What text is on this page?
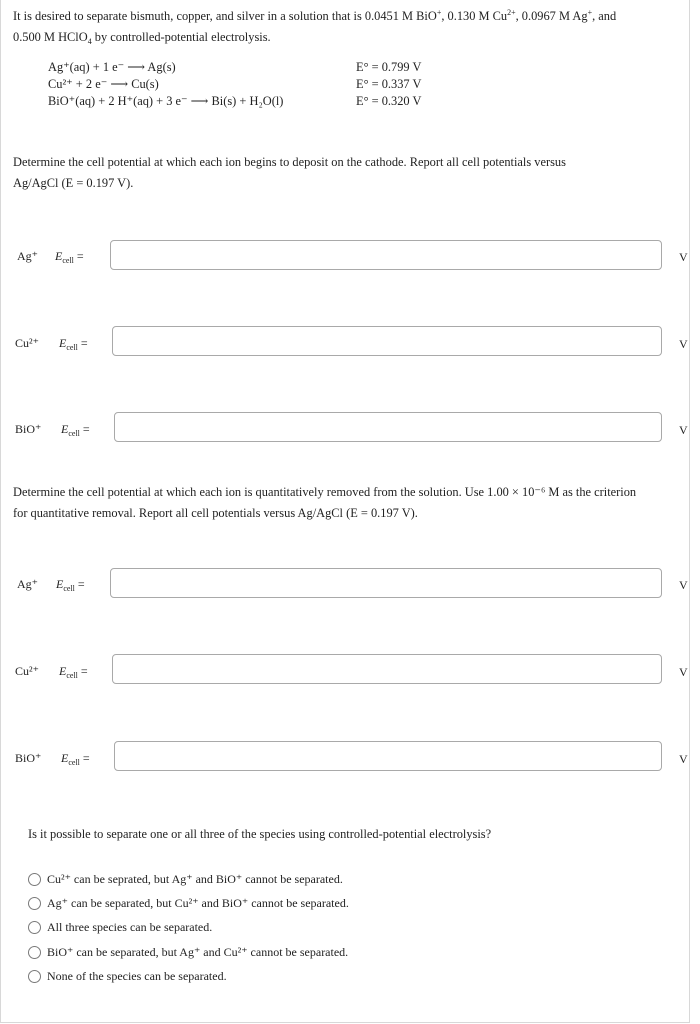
It is desired to separate bismuth, copper, and silver in a solution that is 0.0451 M BiO+, 0.130 M $Cu^{2+}$, 0.0967 M Ag+, and
0.500 M HClO$_4$ by controlled-potential electrolysis.
Ag⁺(aq) + 1 e⁻ ⟶ Ag(s)	E° = 0.799 V
Cu²⁺ + 2 e⁻ ⟶ Cu(s)	E° = 0.337 V
BiO⁺(aq) + 2 H⁺(aq) + 3 e⁻ ⟶ Bi(s) + H₂O(l)	E° = 0.320 V
Determine the cell potential at which each ion begins to deposit on the cathode. Report all cell potentials versus
Ag/AgCl (E = 0.197 V).
Ag⁺ $E_{cell}$ =	V
Cu²⁺ $E_{cell}$ =	V
BiO⁺ $E_{cell}$ =	V
Determine the cell potential at which each ion is quantitatively removed from the solution. Use 1.00 × 10⁻⁶ M as the criterion
for quantitative removal. Report all cell potentials versus Ag/AgCl (E = 0.197 V).
Ag⁺ $E_{cell}$ =	V
Cu²⁺ $E_{cell}$ =	V
BiO⁺ $E_{cell}$ =	V
Is it possible to separate one or all three of the species using controlled-potential electrolysis?
Cu²⁺ can be seprated, but Ag⁺ and BiO⁺ cannot be separated.
Ag⁺ can be separated, but Cu²⁺ and BiO⁺ cannot be separated.
All three species can be separated.
BiO⁺ can be separated, but Ag⁺ and Cu²⁺ cannot be separated.
None of the species can be separated.
